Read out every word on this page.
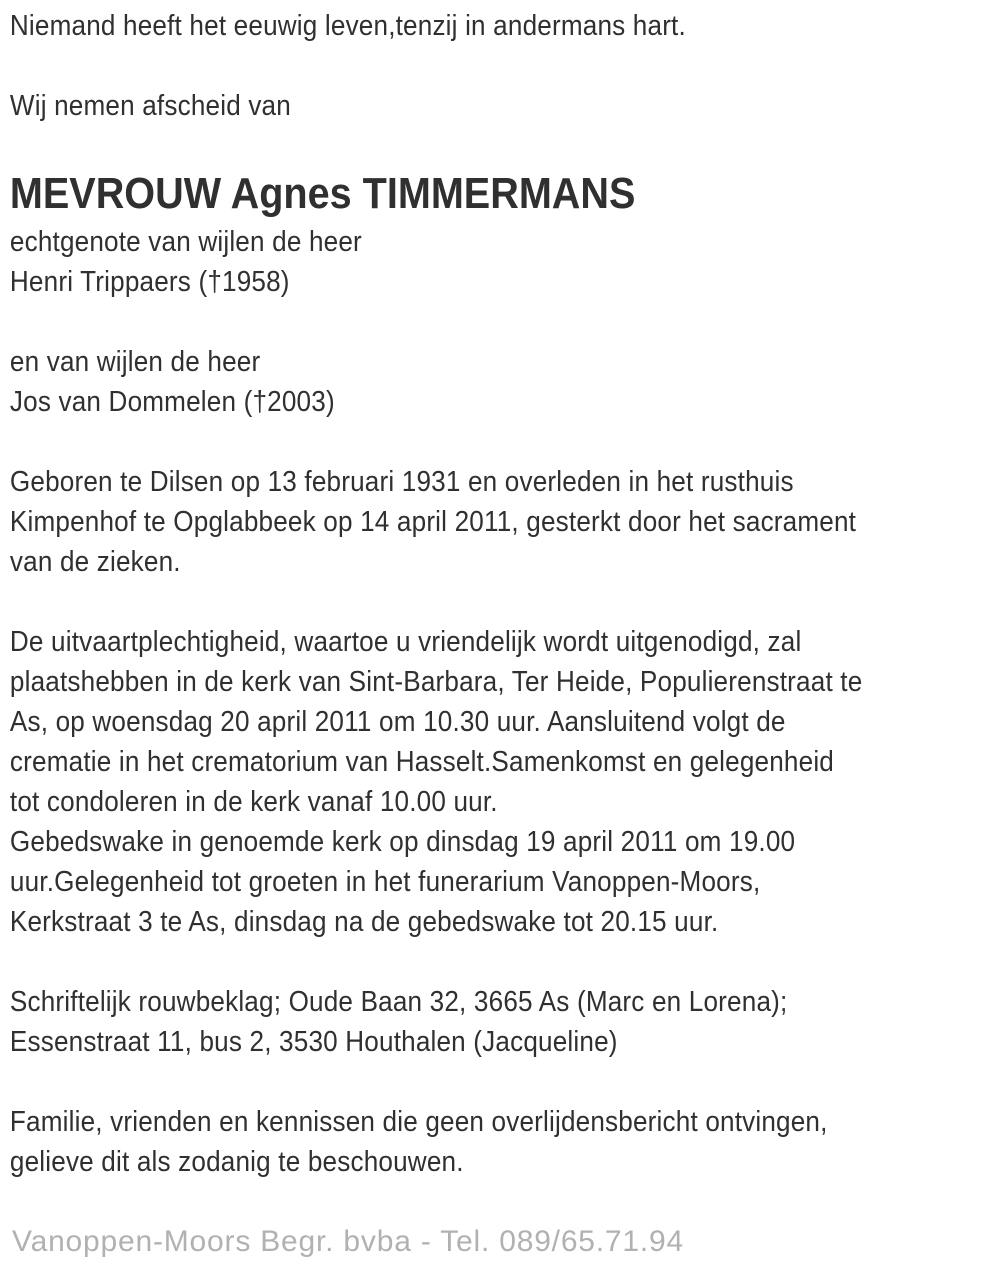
Niemand heeft het eeuwig leven,tenzij in andermans hart.
Wij nemen afscheid van
MEVROUW Agnes TIMMERMANS
echtgenote van wijlen de heer
Henri Trippaers (†1958)
en van wijlen de heer
Jos van Dommelen (†2003)
Geboren te Dilsen op 13 februari 1931 en overleden in het rusthuis
Kimpenhof te Opglabbeek op 14 april 2011, gesterkt door het sacrament
van de zieken.
De uitvaartplechtigheid, waartoe u vriendelijk wordt uitgenodigd, zal
plaatshebben in de kerk van Sint-Barbara, Ter Heide, Populierenstraat te
As, op woensdag 20 april 2011 om 10.30 uur. Aansluitend volgt de
crematie in het crematorium van Hasselt.Samenkomst en gelegenheid
tot condoleren in de kerk vanaf 10.00 uur.
Gebedswake in genoemde kerk op dinsdag 19 april 2011 om 19.00
uur.Gelegenheid tot groeten in het funerarium Vanoppen-Moors,
Kerkstraat 3 te As, dinsdag na de gebedswake tot 20.15 uur.
Schriftelijk rouwbeklag; Oude Baan 32, 3665 As (Marc en Lorena);
Essenstraat 11, bus 2, 3530 Houthalen (Jacqueline)
Familie, vrienden en kennissen die geen overlijdensbericht ontvingen,
gelieve dit als zodanig te beschouwen.
Vanoppen-Moors Begr. bvba - Tel. 089/65.71.94
